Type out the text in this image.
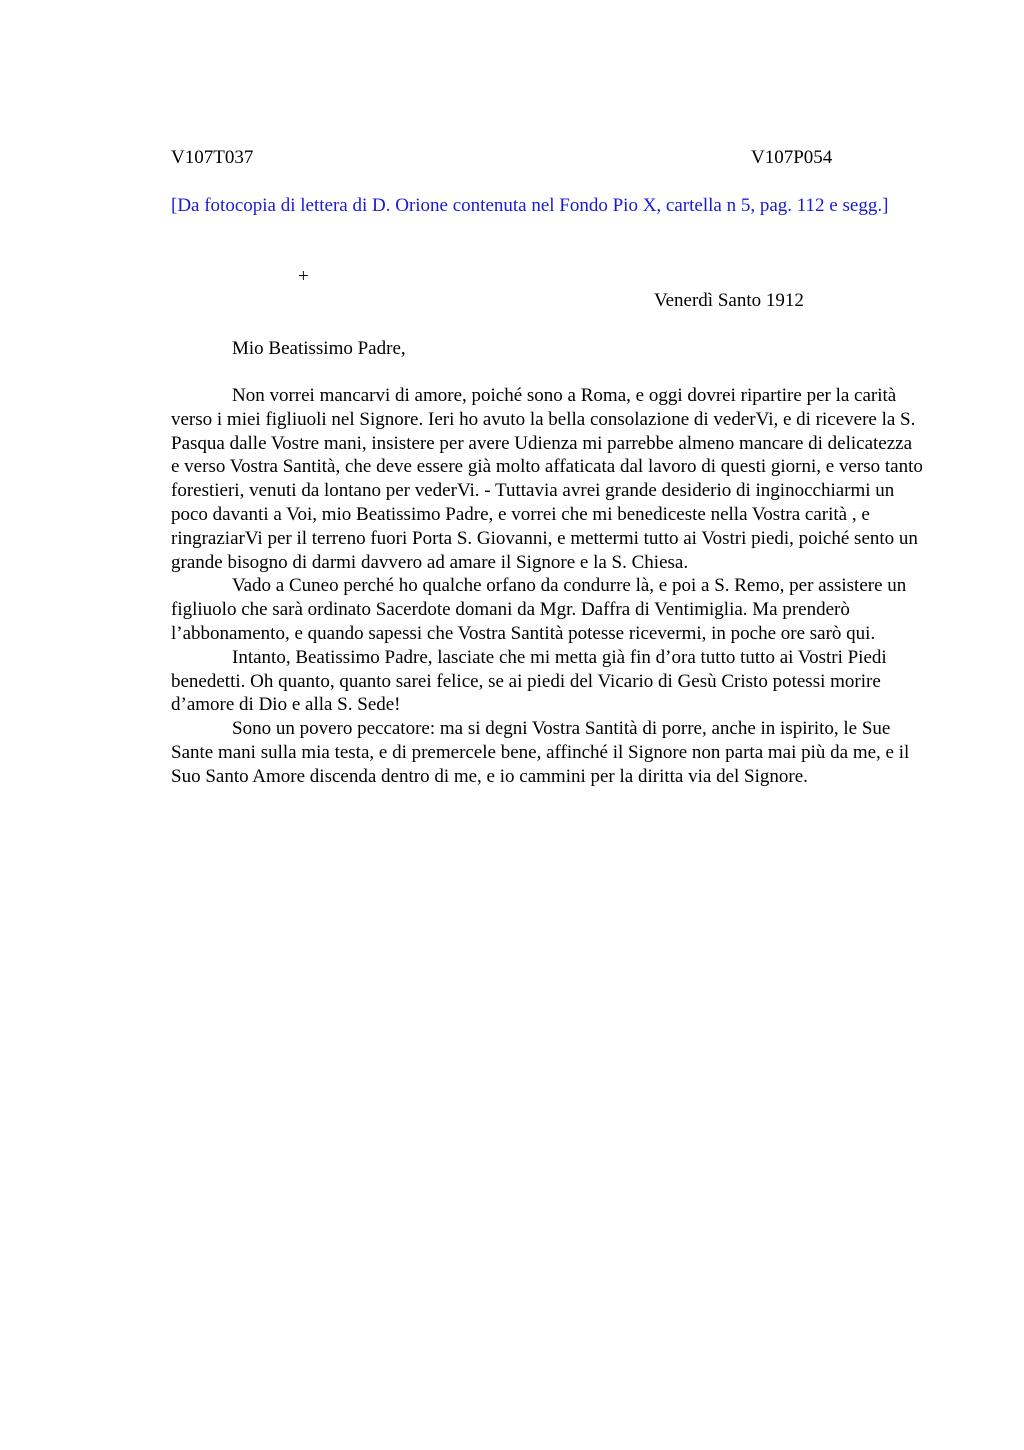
V107T037	V107P054
[Da fotocopia di lettera di D. Orione contenuta nel Fondo Pio X, cartella n 5, pag. 112 e segg.]
+
Venerdì Santo 1912
Mio Beatissimo Padre,

Non vorrei mancarvi di amore, poiché sono a Roma, e oggi dovrei ripartire per la carità verso i miei figliuoli nel Signore. Ieri ho avuto la bella consolazione di vederVi, e di ricevere la S. Pasqua dalle Vostre mani, insistere per avere Udienza mi parrebbe almeno mancare di delicatezza e verso Vostra Santità, che deve essere già molto affaticata dal lavoro di questi giorni, e verso tanto forestieri, venuti da lontano per vederVi. - Tuttavia avrei grande desiderio di inginocchiarmi un poco davanti a Voi, mio Beatissimo Padre, e vorrei che mi benediceste nella Vostra carità , e ringraziarVi per il terreno fuori Porta S. Giovanni, e mettermi tutto ai Vostri piedi, poiché sento un grande bisogno di darmi davvero ad amare il Signore e la S. Chiesa.

Vado a Cuneo perché ho qualche orfano da condurre là, e poi a S. Remo, per assistere un figliuolo che sarà ordinato Sacerdote domani da Mgr. Daffra di Ventimiglia. Ma prenderò l’abbonamento, e quando sapessi che Vostra Santità potesse ricevermi, in poche ore sarò qui.

Intanto, Beatissimo Padre, lasciate che mi metta già fin d’ora tutto tutto ai Vostri Piedi benedetti. Oh quanto, quanto sarei felice, se ai piedi del Vicario di Gesù Cristo potessi morire d’amore di Dio e alla S. Sede!

Sono un povero peccatore: ma si degni Vostra Santità di porre, anche in ispirito, le Sue Sante mani sulla mia testa, e di premercele bene, affinché il Signore non parta mai più da me, e il Suo Santo Amore discenda dentro di me, e io cammini per la diritta via del Signore.
